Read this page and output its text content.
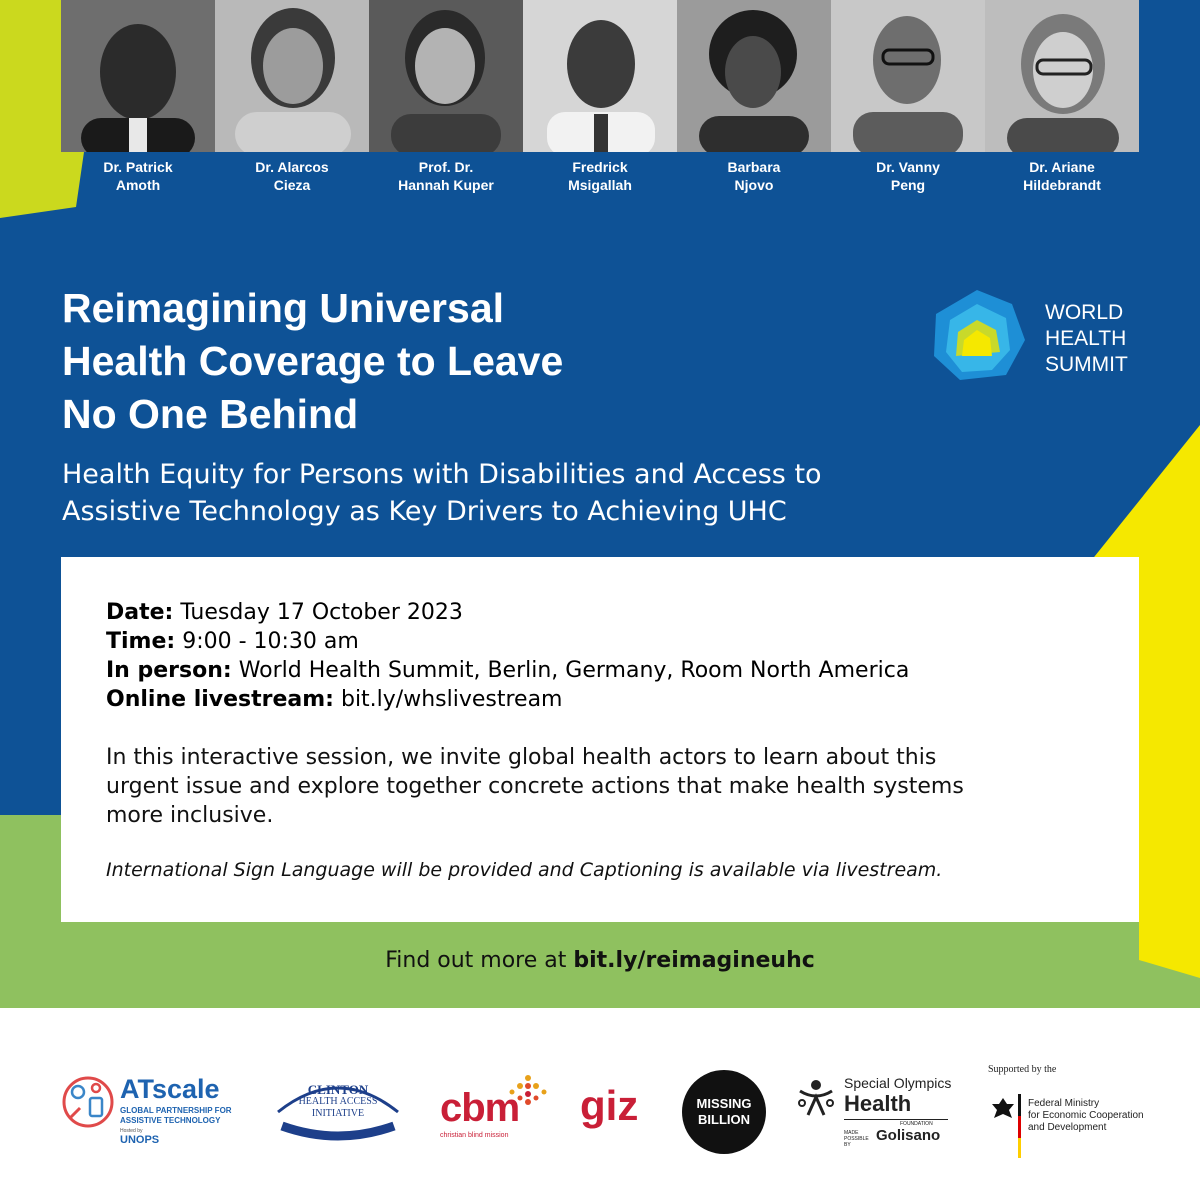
Dr. Patrick
Amoth
Dr. Alarcos
Cieza
Prof. Dr.
Hannah Kuper
Fredrick
Msigallah
Barbara
Njovo
Dr. Vanny
Peng
Dr. Ariane
Hildebrandt
Reimagining Universal
Health Coverage to Leave
No One Behind
Health Equity for Persons with Disabilities and Access to
Assistive Technology as Key Drivers to Achieving UHC
WORLD
HEALTH
SUMMIT
Date: Tuesday 17 October 2023
Time: 9:00 - 10:30 am
In person: World Health Summit, Berlin, Germany, Room North America
Online livestream: bit.ly/whslivestream
In this interactive session, we invite global health actors to learn about this
urgent issue and explore together concrete actions that make health systems
more inclusive.
International Sign Language will be provided and Captioning is available via livestream.
Find out more at bit.ly/reimagineuhc
ATscale
GLOBAL PARTNERSHIP FOR
ASSISTIVE TECHNOLOGY
Hosted by
UNOPS
CLINTON
HEALTH ACCESS
INITIATIVE	cbm
christian blind mission
giz	MISSING
BILLION
Special Olympics
Health
MADE POSSIBLE BY
FOUNDATION
Golisano
Supported by the
Federal Ministry
for Economic Cooperation
and Development
